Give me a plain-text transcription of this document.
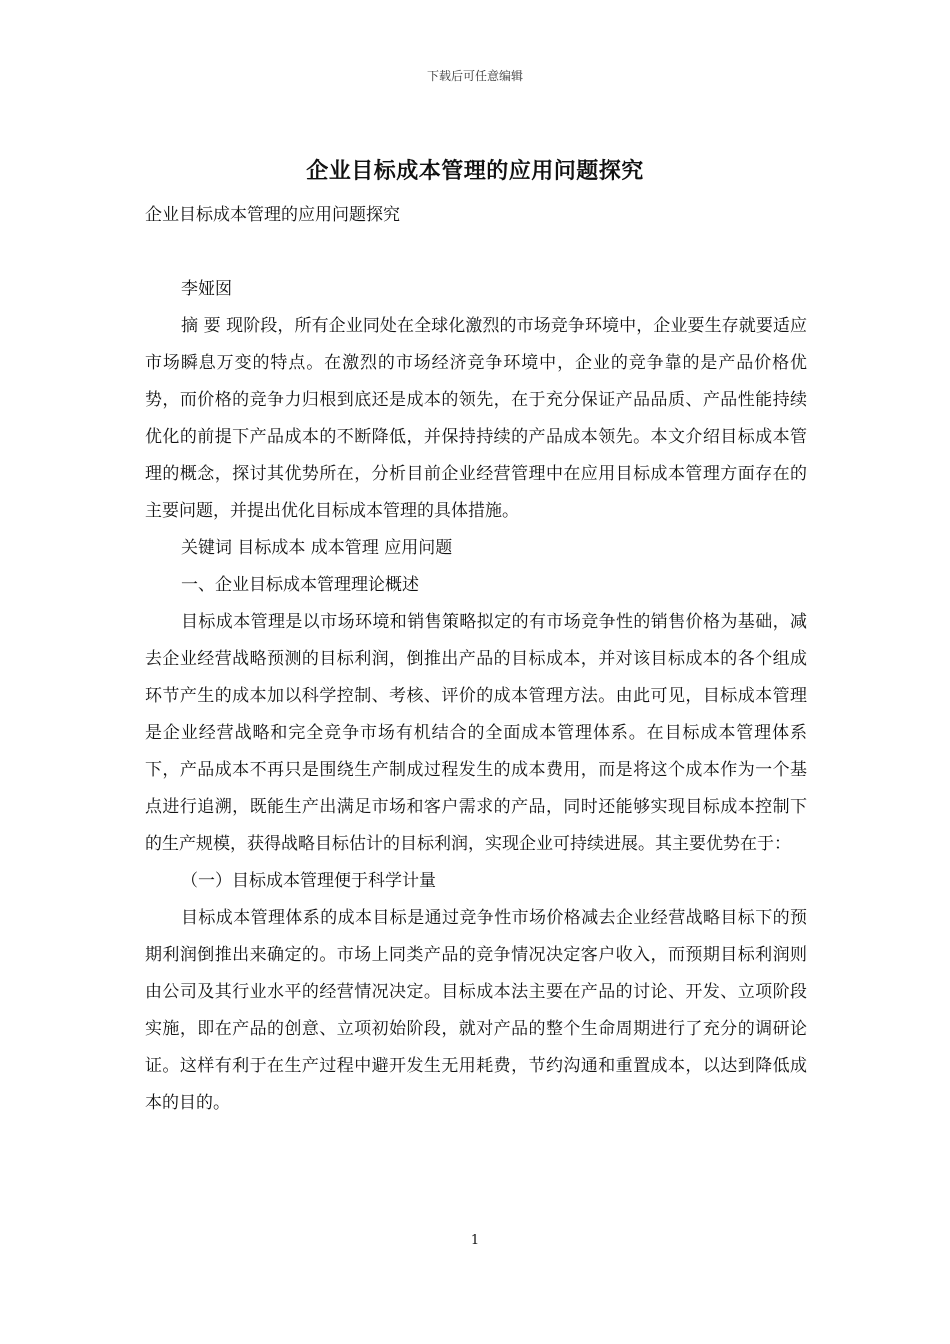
下载后可任意编辑
企业目标成本管理的应用问题探究

企业目标成本管理的应用问题探究

李娅囡

摘 要 现阶段，所有企业同处在全球化激烈的市场竞争环境中，企业要生存就要适应市场瞬息万变的特点。在激烈的市场经济竞争环境中，企业的竞争靠的是产品价格优势，而价格的竞争力归根到底还是成本的领先，在于充分保证产品品质、产品性能持续优化的前提下产品成本的不断降低，并保持持续的产品成本领先。本文介绍目标成本管理的概念，探讨其优势所在，分析目前企业经营管理中在应用目标成本管理方面存在的主要问题，并提出优化目标成本管理的具体措施。

关键词 目标成本 成本管理 应用问题

一、企业目标成本管理理论概述

目标成本管理是以市场环境和销售策略拟定的有市场竞争性的销售价格为基础，减去企业经营战略预测的目标利润，倒推出产品的目标成本，并对该目标成本的各个组成环节产生的成本加以科学控制、考核、评价的成本管理方法。由此可见，目标成本管理是企业经营战略和完全竞争市场有机结合的全面成本管理体系。在目标成本管理体系下，产品成本不再只是围绕生产制成过程发生的成本费用，而是将这个成本作为一个基点进行追溯，既能生产出满足市场和客户需求的产品，同时还能够实现目标成本控制下的生产规模，获得战略目标估计的目标利润，实现企业可持续进展。其主要优势在于：

（一）目标成本管理便于科学计量

目标成本管理体系的成本目标是通过竞争性市场价格减去企业经营战略目标下的预期利润倒推出来确定的。市场上同类产品的竞争情况决定客户收入，而预期目标利润则由公司及其行业水平的经营情况决定。目标成本法主要在产品的讨论、开发、立项阶段实施，即在产品的创意、立项初始阶段，就对产品的整个生命周期进行了充分的调研论证。这样有利于在生产过程中避开发生无用耗费，节约沟通和重置成本，以达到降低成本的目的。

1
